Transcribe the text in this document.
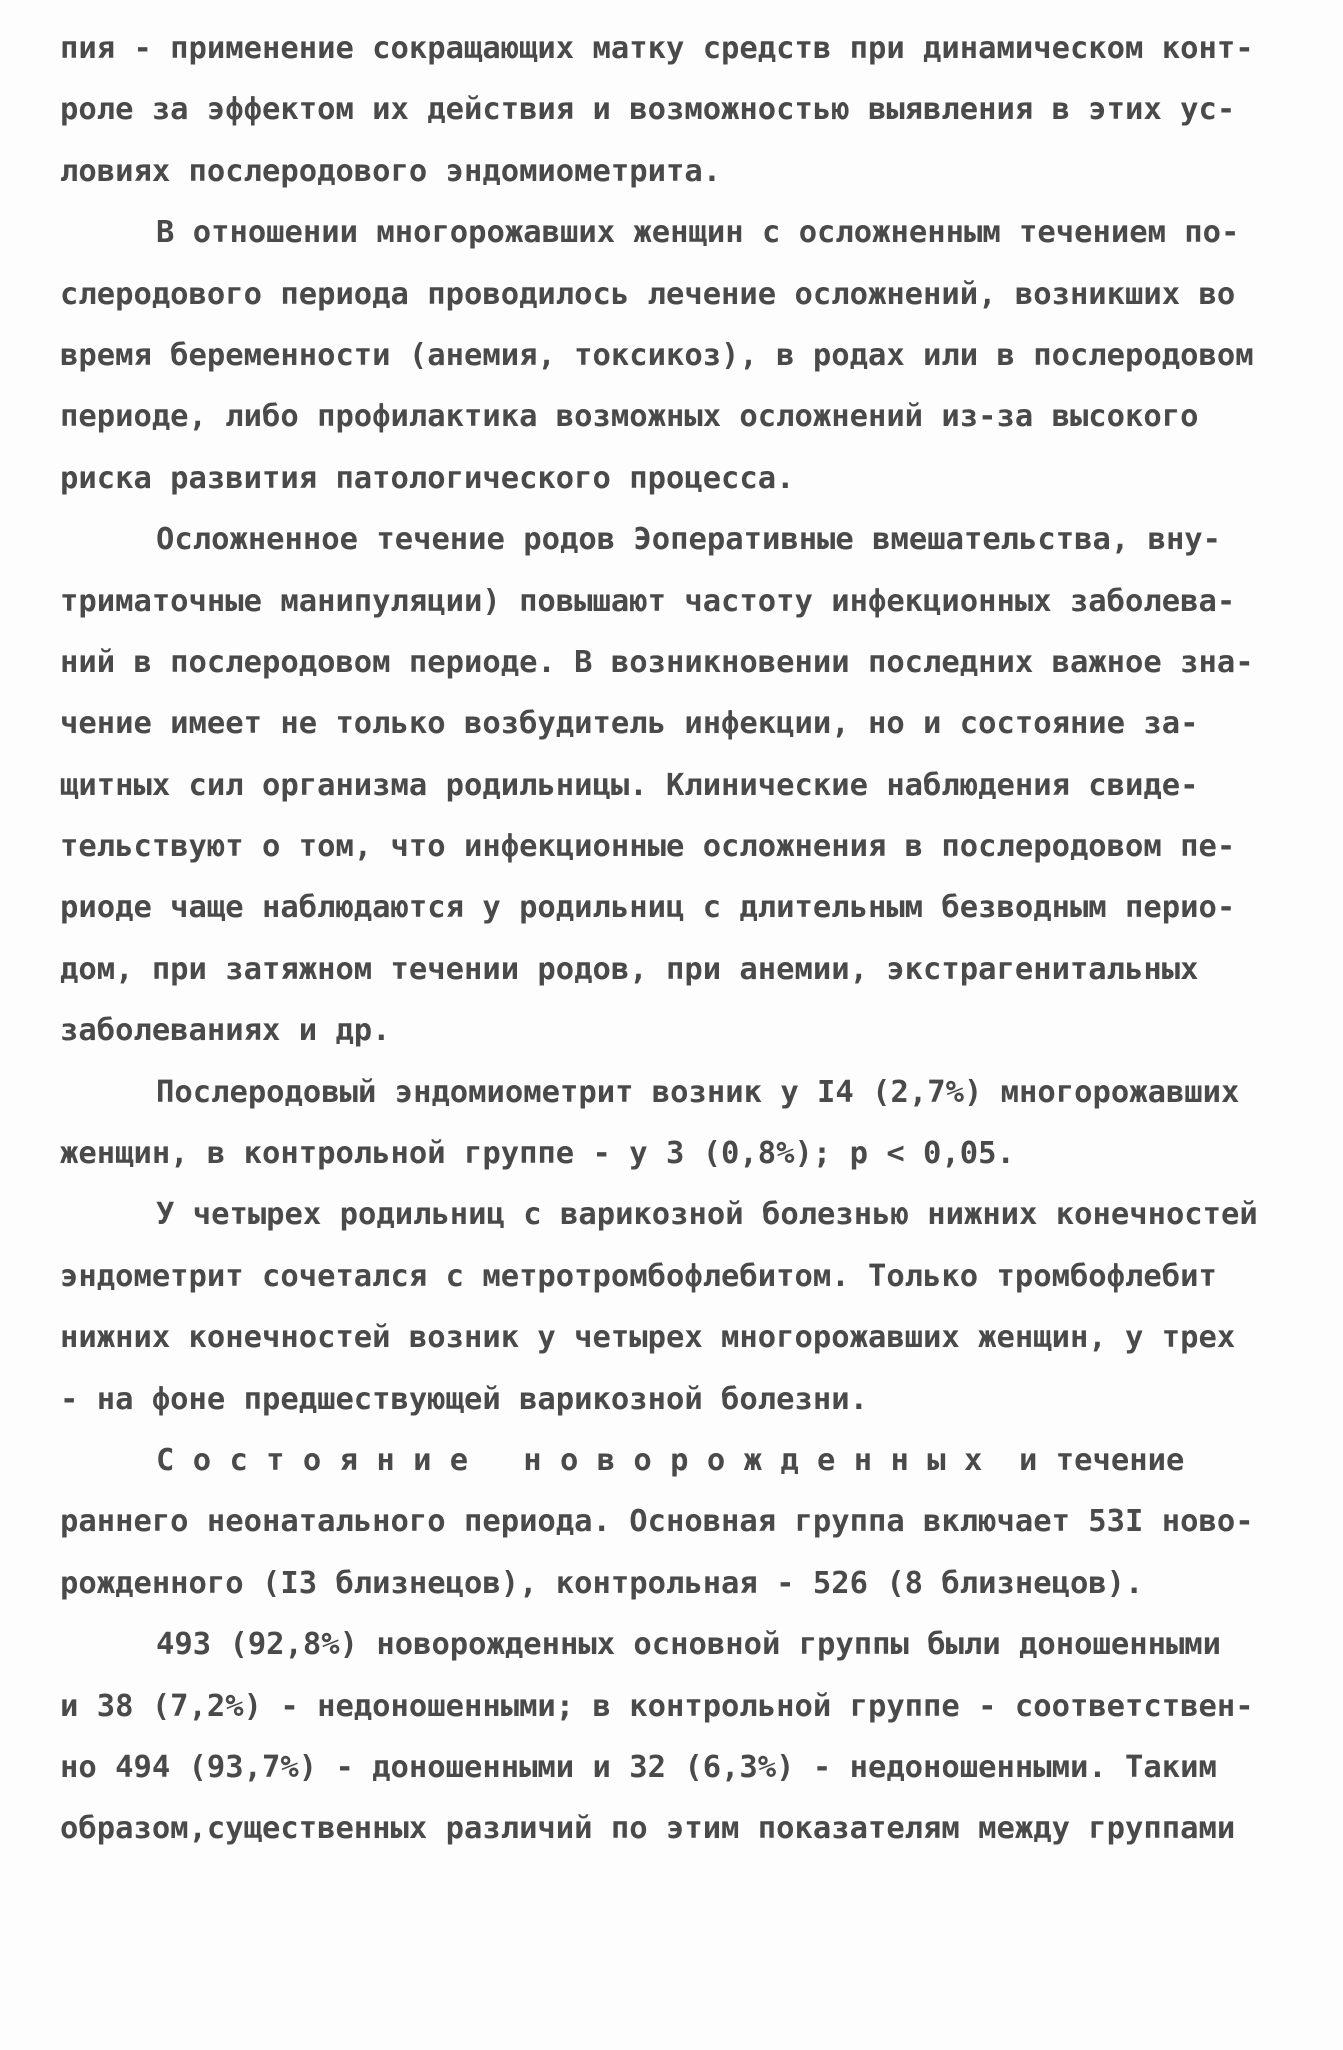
пия - применение сокращающих матку средств при динамическом конт-
роле за эффектом их действия и возможностью выявления в этих ус-
ловиях послеродового эндомиометрита.
В отношении многорожавших женщин с осложненным течением по-
слеродового периода проводилось лечение осложнений, возникших во
время беременности (анемия, токсикоз), в родах или в послеродовом
периоде, либо профилактика возможных осложнений из-за высокого
риска развития патологического процесса.
Осложненное течение родов Эоперативные вмешательства, вну-
триматочные манипуляции) повышают частоту инфекционных заболева-
ний в послеродовом периоде. В возникновении последних важное зна-
чение имеет не только возбудитель инфекции, но и состояние за-
щитных сил организма родильницы. Клинические наблюдения свиде-
тельствуют о том, что инфекционные осложнения в послеродовом пе-
риоде чаще наблюдаются у родильниц с длительным безводным перио-
дом, при затяжном течении родов, при анемии, экстрагенитальных
заболеваниях и др.
Послеродовый эндомиометрит возник у I4 (2,7%) многорожавших
женщин, в контрольной группе - у 3 (0,8%); p < 0,05.
У четырех родильниц с варикозной болезнью нижних конечностей
эндометрит сочетался с метротромбофлебитом. Только тромбофлебит
нижних конечностей возник у четырех многорожавших женщин, у трех
- на фоне предшествующей варикозной болезни.
С о с т о я н и е   н о в о р о ж д е н н ы х  и течение
раннего неонатального периода. Основная группа включает 53I ново-
рожденного (I3 близнецов), контрольная - 526 (8 близнецов).
493 (92,8%) новорожденных основной группы были доношенными
и 38 (7,2%) - недоношенными; в контрольной группе - соответствен-
но 494 (93,7%) - доношенными и 32 (6,3%) - недоношенными. Таким
образом,существенных различий по этим показателям между группами
